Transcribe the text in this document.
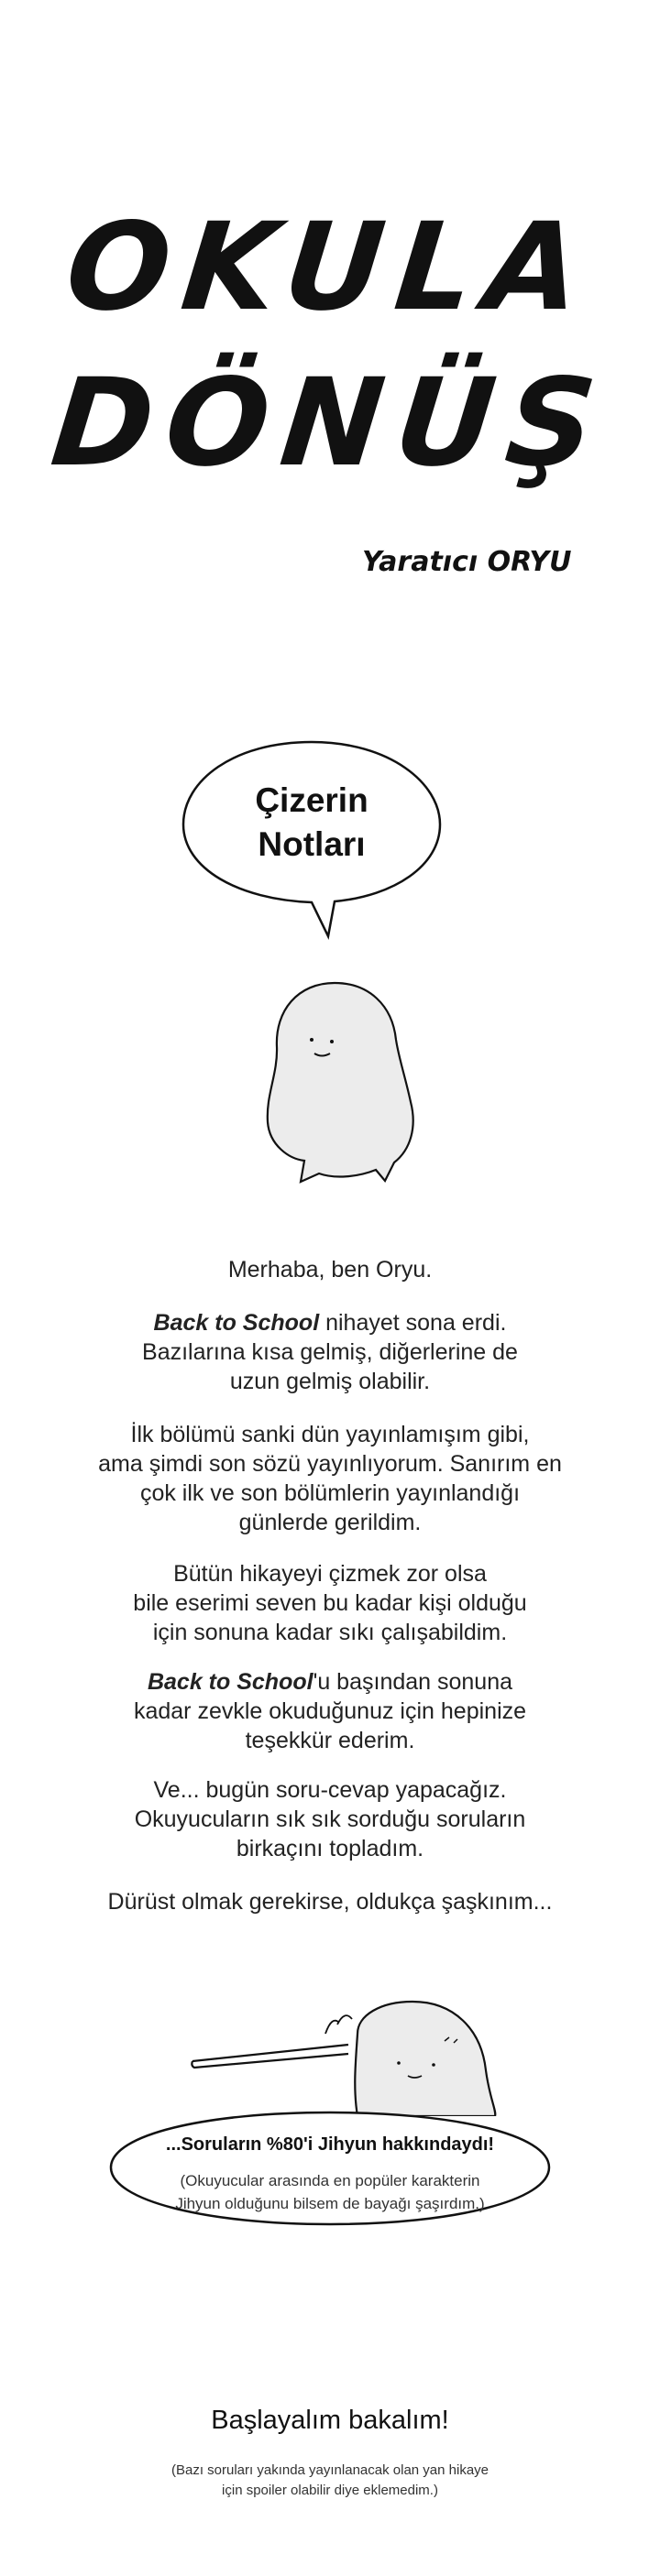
OKULA
DÖNÜŞ
Yaratıcı ORYU
Çizerin
Notları

Merhaba, ben Oryu.

Back to School nihayet sona erdi.
Bazılarına kısa gelmiş, diğerlerine de
uzun gelmiş olabilir.

İlk bölümü sanki dün yayınlamışım gibi,
ama şimdi son sözü yayınlıyorum. Sanırım en
çok ilk ve son bölümlerin yayınlandığı
günlerde gerildim.

Bütün hikayeyi çizmek zor olsa
bile eserimi seven bu kadar kişi olduğu
için sonuna kadar sıkı çalışabildim.

Back to School'u başından sonuna
kadar zevkle okuduğunuz için hepinize
teşekkür ederim.

Ve... bugün soru-cevap yapacağız.
Okuyucuların sık sık sorduğu soruların
birkaçını topladım.

Dürüst olmak gerekirse, oldukça şaşkınım...

...Soruların %80'i Jihyun hakkındaydı!
(Okuyucular arasında en popüler karakterin
Jihyun olduğunu bilsem de bayağı şaşırdım.)
Başlayalım bakalım!
(Bazı soruları yakında yayınlanacak olan yan hikaye
için spoiler olabilir diye eklemedim.)
